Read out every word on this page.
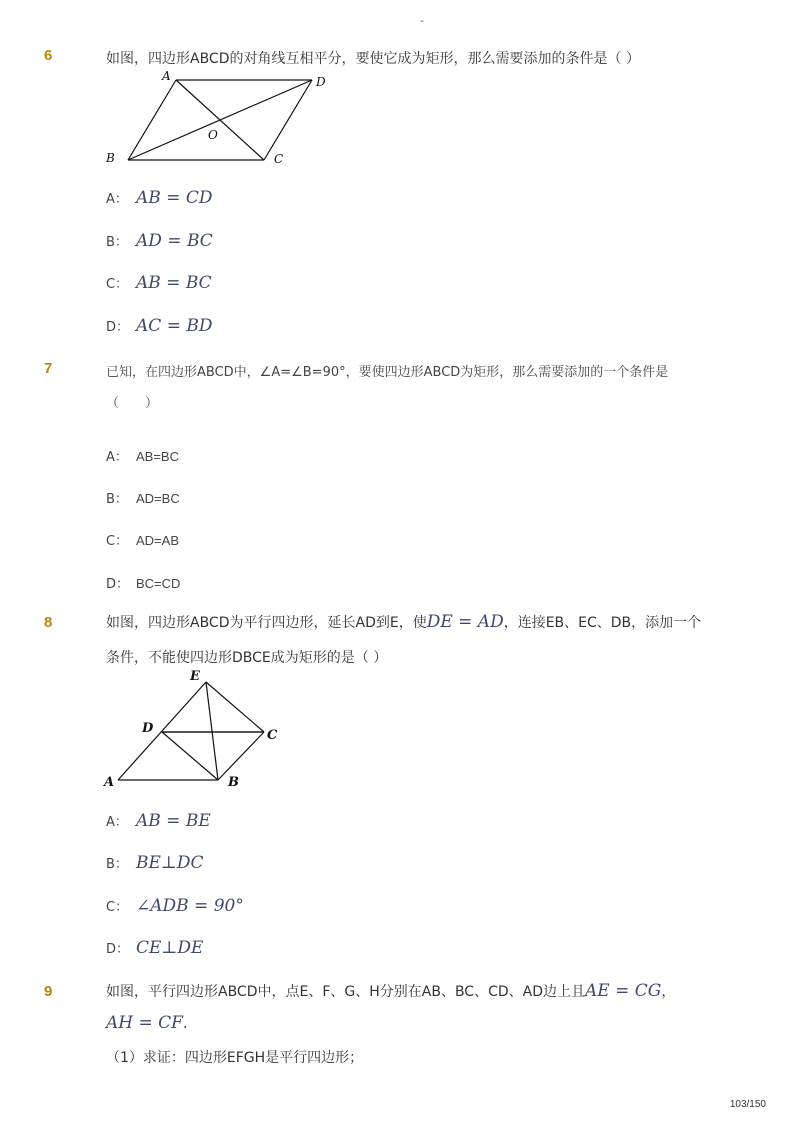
-
6	如图，四边形ABCD的对角线互相平分，要使它成为矩形，那么需要添加的条件是（ ）
A	D
B	C
O
A： AB = CD
B： AD = BC
C： AB = BC
D： AC = BD
7	已知，在四边形ABCD中，∠A=∠B=90°，要使四边形ABCD为矩形，那么需要添加的一个条件是
（　　）
A： AB=BC
B： AD=BC
C： AD=AB
D： BC=CD
8	如图，四边形ABCD为平行四边形，延长AD到E，使DE = AD，连接EB、EC、DB，添加一个
条件，不能使四边形DBCE成为矩形的是（ ）
E
D	C
A	B
A： AB = BE
B： BE⊥DC
C： ∠ADB = 90°
D： CE⊥DE
9	如图，平行四边形ABCD中，点E、F、G、H分别在AB、BC、CD、AD边上且AE = CG，
AH = CF.
（1）求证：四边形EFGH是平行四边形；
103/150
